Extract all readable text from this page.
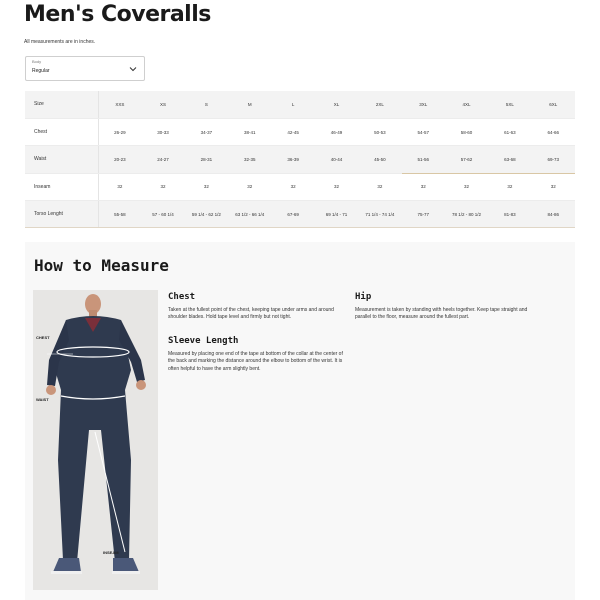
Men's Coveralls
All measurements are in inches.
Body
Regular
Size	XXS	XS	S	M	L	XL	2XL	3XL	4XL	5XL	6XL
Chest	26-29	30-33	34-37	38-41	42-45	46-49	50-53	54-57	58-60	61-63	64-66
Waist	20-23	24-27	28-31	32-35	36-39	40-44	45-50	51-56	57-62	63-68	69-73
Inseam	32	32	32	32	32	32	32	32	32	32	32
Torso Lenght	55-58	57 - 60 1/4	59 1/4 - 62 1/2	63 1/2 - 66 1/4	67-69	69 1/4 - 71	71 1/4 - 74 1/4	75-77	78 1/2 - 80 1/2	81-83	84-86
How to Measure
CHEST
WAIST
INSEAM
Chest
Taken at the fullest point of the chest, keeping tape under arms and around shoulder blades. Hold tape level and firmly but not tight.
Hip
Measurement is taken by standing with heels together. Keep tape straight and parallel to the floor, measure around the fullest part.
Sleeve Length
Measured by placing one end of the tape at bottom of the collar at the center of the back and marking the distance around the elbow to bottom of the wrist. It is often helpful to have the arm slightly bent.
